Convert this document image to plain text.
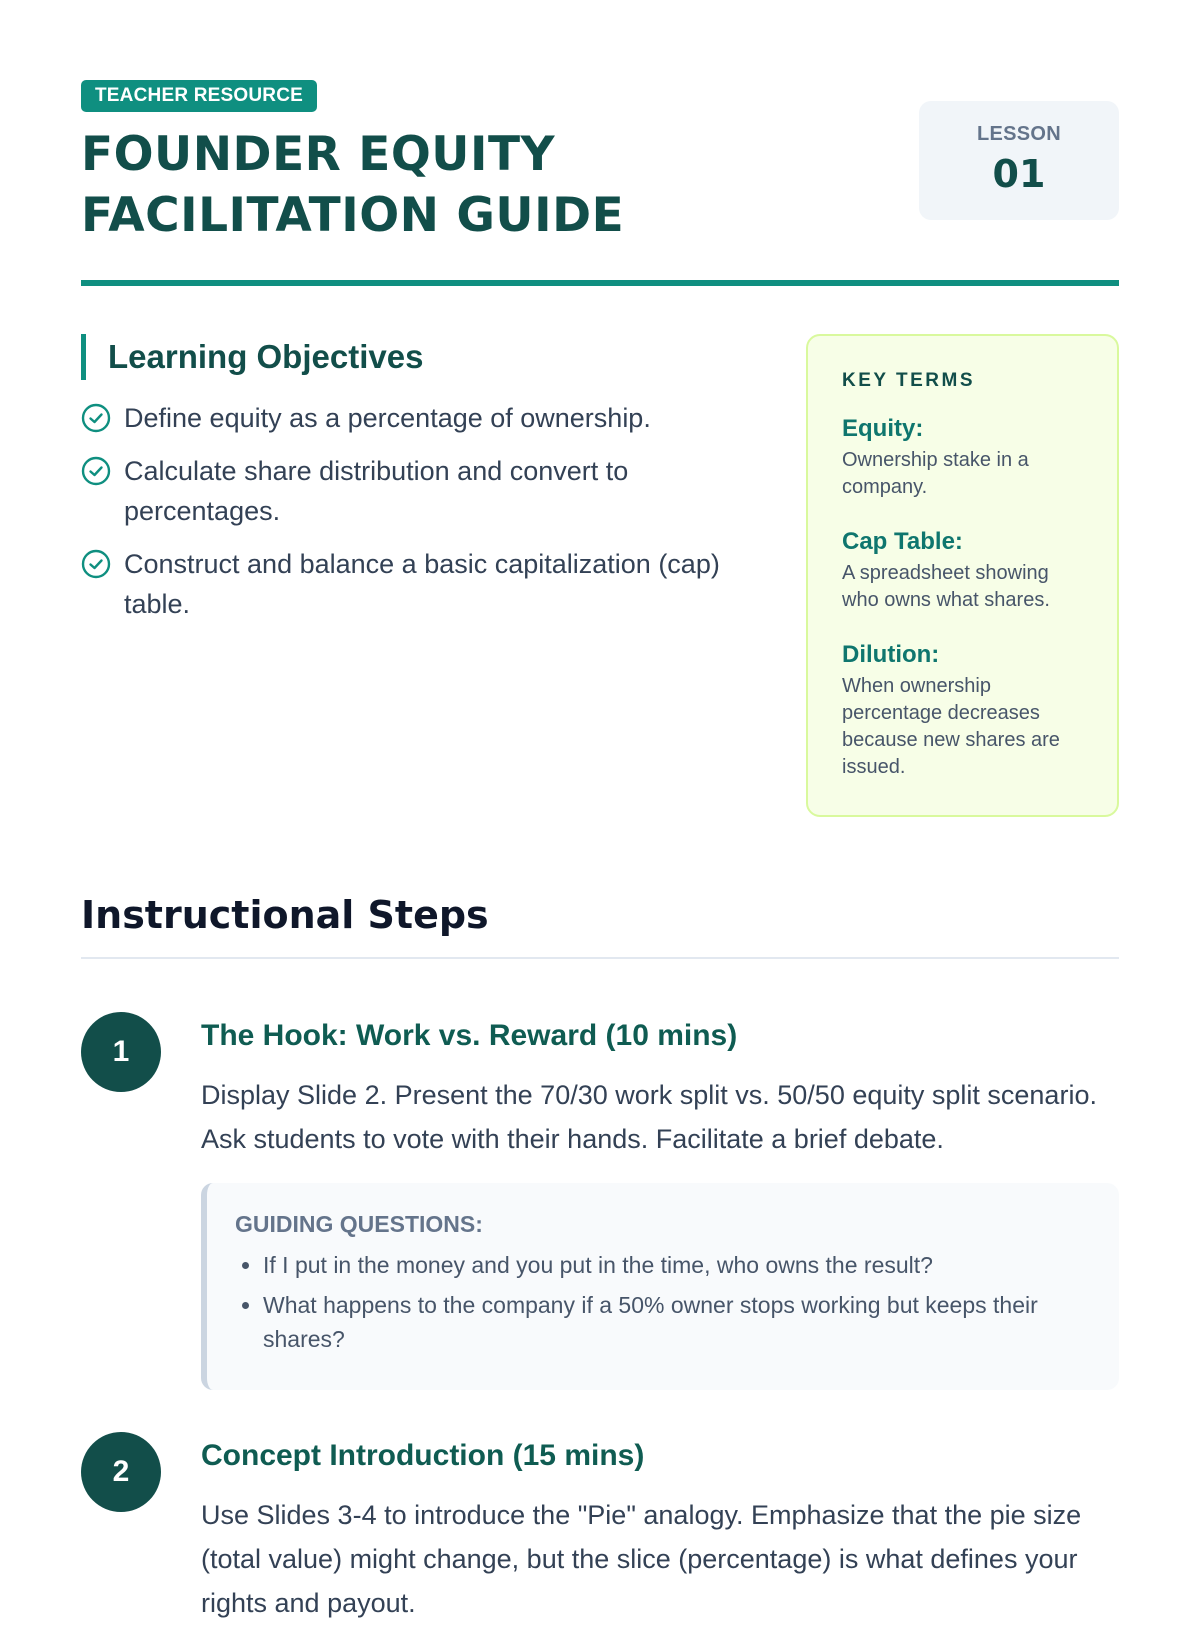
TEACHER RESOURCE
FOUNDER EQUITY
FACILITATION GUIDE
LESSON
01
Learning Objectives
Define equity as a percentage of ownership.
Calculate share distribution and convert to percentages.
Construct and balance a basic capitalization (cap) table.
KEY TERMS
Equity:
Ownership stake in a company.
Cap Table:
A spreadsheet showing who owns what shares.
Dilution:
When ownership percentage decreases because new shares are issued.
Instructional Steps
1	The Hook: Work vs. Reward (10 mins)

Display Slide 2. Present the 70/30 work split vs. 50/50 equity split scenario. Ask students to vote with their hands. Facilitate a brief debate.

GUIDING QUESTIONS:
• If I put in the money and you put in the time, who owns the result?
• What happens to the company if a 50% owner stops working but keeps their shares?
2	Concept Introduction (15 mins)

Use Slides 3-4 to introduce the "Pie" analogy. Emphasize that the pie size (total value) might change, but the slice (percentage) is what defines your rights and payout.
